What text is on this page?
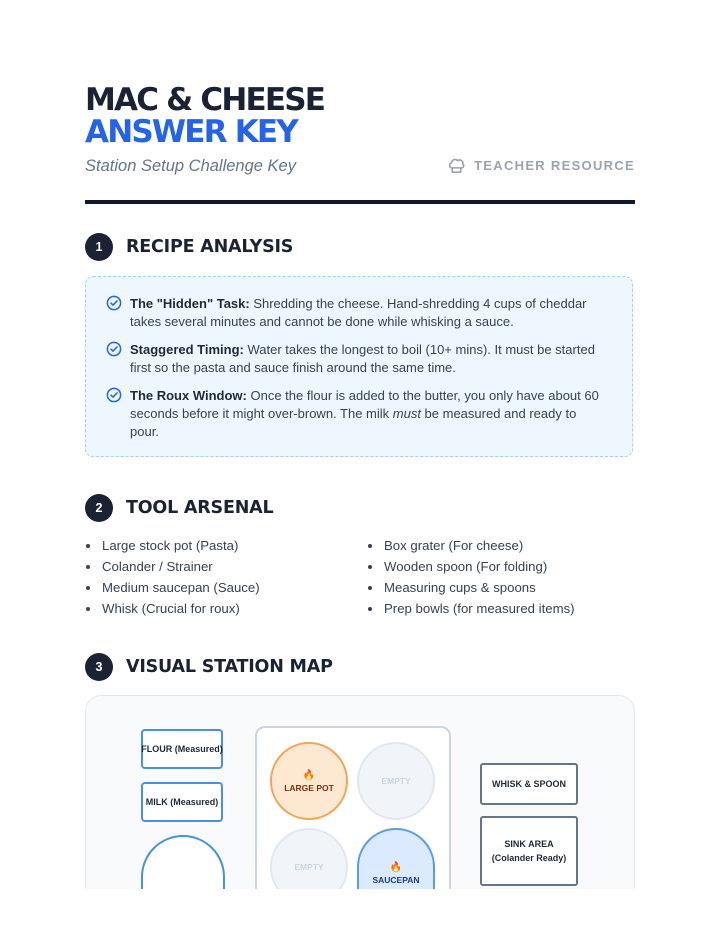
MAC & CHEESE
ANSWER KEY
Station Setup Challenge Key	TEACHER RESOURCE
1	RECIPE ANALYSIS
The "Hidden" Task: Shredding the cheese. Hand-shredding 4 cups of cheddar takes several minutes and cannot be done while whisking a sauce.
Staggered Timing: Water takes the longest to boil (10+ mins). It must be started first so the pasta and sauce finish around the same time.
The Roux Window: Once the flour is added to the butter, you only have about 60 seconds before it might over-brown. The milk must be measured and ready to pour.
2	TOOL ARSENAL
Large stock pot (Pasta)
Colander / Strainer
Medium saucepan (Sauce)
Whisk (Crucial for roux)
Box grater (For cheese)
Wooden spoon (For folding)
Measuring cups & spoons
Prep bowls (for measured items)
3	VISUAL STATION MAP
FLOUR (Measured)
MILK (Measured)
🔥
LARGE POT
EMPTY
EMPTY	🔥
SAUCEPAN
WHISK & SPOON
SINK AREA
(Colander Ready)
